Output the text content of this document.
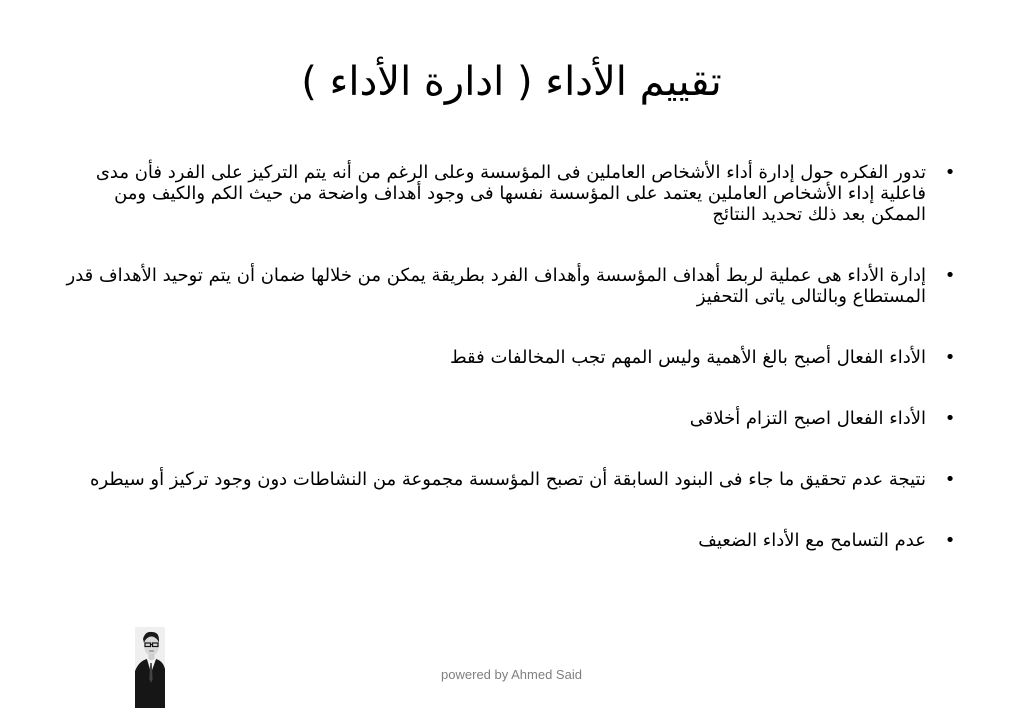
تقييم الأداء ( ادارة الأداء )
•
تدور الفكره حول إدارة أداء الأشخاص العاملين فى المؤسسة وعلى الرغم من أنه يتم التركيز على الفرد فأن مدى فاعلية إداء الأشخاص العاملين يعتمد على المؤسسة نفسها فى وجود أهداف واضحة من حيث الكم والكيف ومن الممكن بعد ذلك تحديد النتائج
•
إدارة الأداء هى عملية لربط أهداف المؤسسة وأهداف الفرد بطريقة يمكن من خلالها ضمان أن يتم توحيد الأهداف قدر المستطاع وبالتالى ياتى التحفيز
•
الأداء الفعال أصبح بالغ الأهمية وليس المهم تجب المخالفات فقط
•
الأداء الفعال اصبح التزام أخلاقى
•
نتيجة عدم تحقيق ما جاء فى البنود السابقة أن تصبح المؤسسة مجموعة من النشاطات دون وجود تركيز أو سيطره
•
عدم التسامح مع الأداء الضعيف
powered by Ahmed Said
